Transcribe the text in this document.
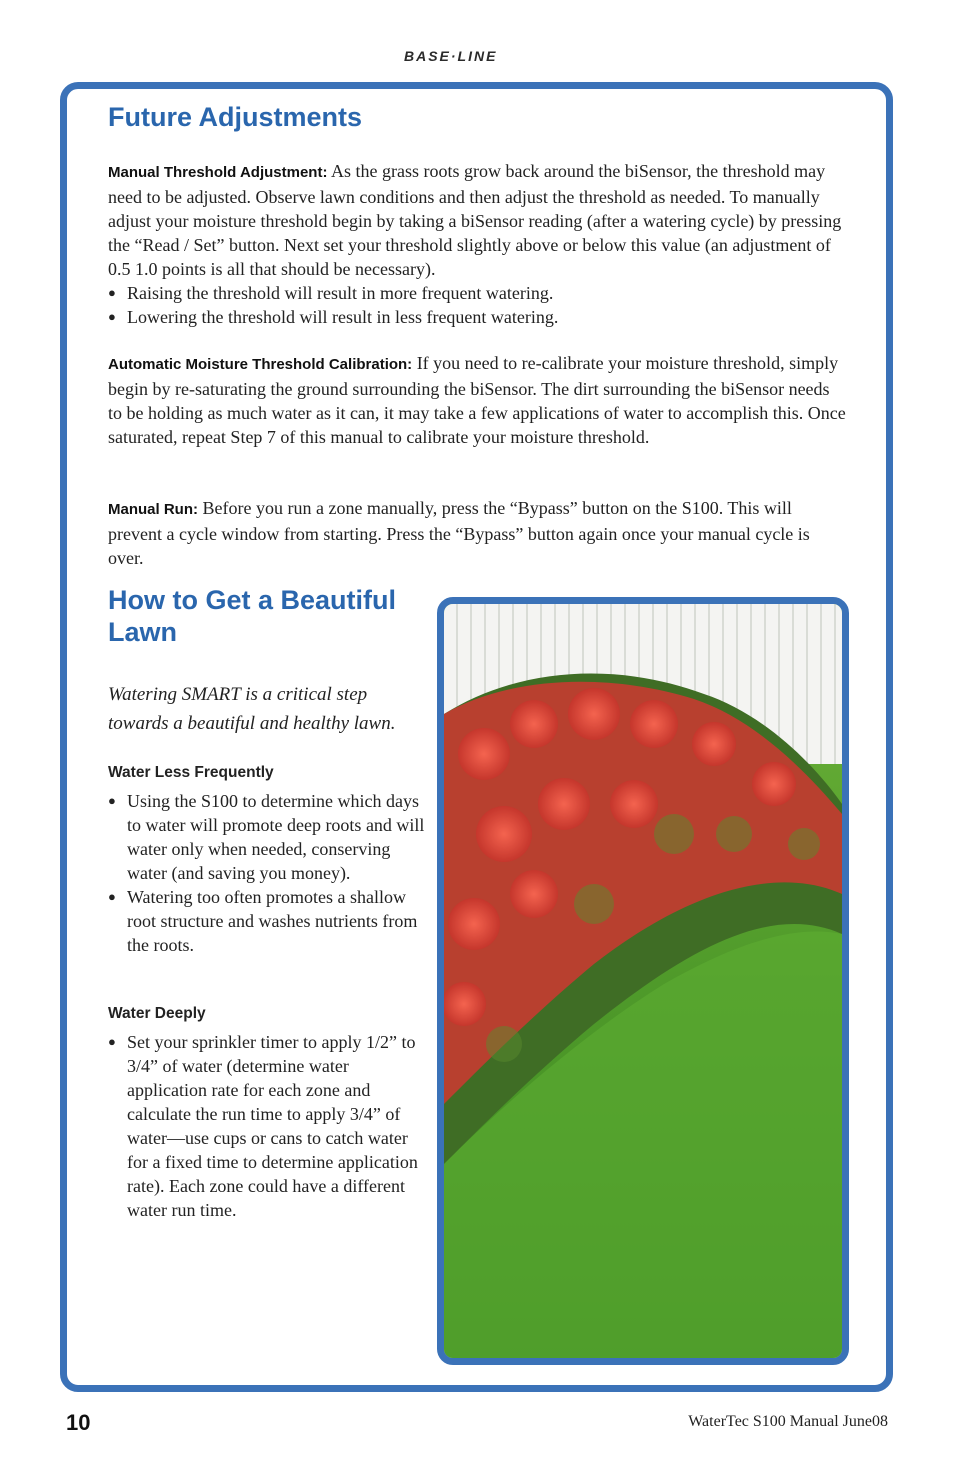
BASE·LINE
Future Adjustments
Manual Threshold Adjustment: As the grass roots grow back around the biSensor, the threshold may need to be adjusted. Observe lawn conditions and then adjust the threshold as needed. To manually adjust your moisture threshold begin by taking a biSensor reading (after a watering cycle) by pressing the “Read / Set” button. Next set your threshold slightly above or below this value (an adjustment of 0.5 1.0 points is all that should be necessary).
● Raising the threshold will result in more frequent watering.
● Lowering the threshold will result in less frequent watering.
Automatic Moisture Threshold Calibration: If you need to re-calibrate your moisture threshold, simply begin by re-saturating the ground surrounding the biSensor. The dirt surrounding the biSensor needs to be holding as much water as it can, it may take a few applications of water to accomplish this. Once saturated, repeat Step 7 of this manual to calibrate your moisture threshold.
Manual Run: Before you run a zone manually, press the “Bypass” button on the S100. This will prevent a cycle window from starting. Press the “Bypass” button again once your manual cycle is over.
How to Get a Beautiful Lawn
Watering SMART is a critical step towards a beautiful and healthy lawn.
Water Less Frequently
● Using the S100 to determine which days to water will promote deep roots and will water only when needed, conserving water (and saving you money).
● Watering too often promotes a shallow root structure and washes nutrients from the roots.
Water Deeply
● Set your sprinkler timer to apply 1/2” to 3/4” of water (determine water application rate for each zone and calculate the run time to apply 3/4” of water—use cups or cans to catch water for a fixed time to determine application rate). Each zone could have a different water run time.
10	WaterTec S100 Manual June08
